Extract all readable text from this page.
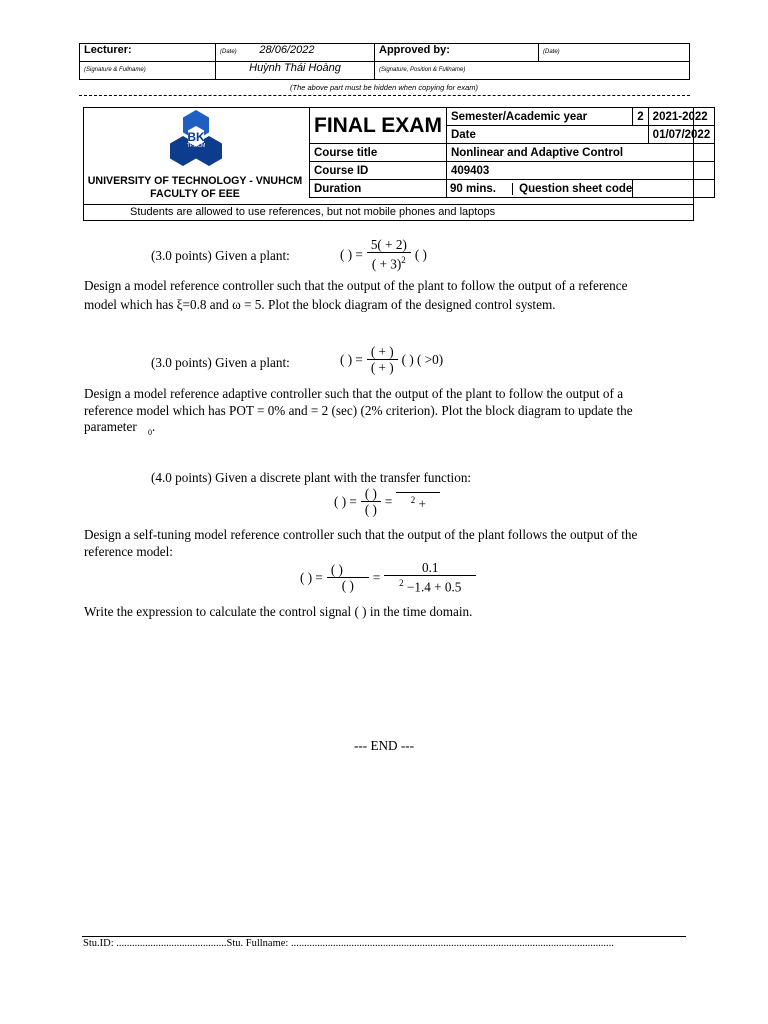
Lecturer:	(Date) 28/06/2022	Approved by:	(Date)
(Signature & Fullname)	Huỳnh Thái Hoàng	(Signature, Position & Fullname)	
(The above part must be hidden when copying for exam)
BK
TP.HCM
UNIVERSITY OF TECHNOLOGY - VNUHCM
FACULTY OF EEE
FINAL EXAM	Semester/Academic year	2	2021-2022
	Date		01/07/2022
Course title	Nonlinear and Adaptive Control		
Course ID	409403		
Duration	90 mins. Question sheet code		
Students are allowed to use references, but not mobile phones and laptops
(3.0 points) Given a plant:	( ) = $\frac{5( + 2)}{( + 3)^2}$ ( )
Design a model reference controller such that the output of the plant to follow the output of a reference
model which has ξ=0.8 and ω = 5. Plot the block diagram of the designed control system.
(3.0 points) Given a plant:	( ) = $\frac{( + )}{( + )}$ ( ) ( >0)
Design a model reference adaptive controller such that the output of the plant to follow the output of a
reference model which has POT = 0% and = 2 (sec) (2% criterion). Plot the block diagram to update the
parameter $_0$.
(4.0 points) Given a discrete plant with the transfer function:
( ) = $\frac{( )}{( )} = ^2$ +
Design a self-tuning model reference controller such that the output of the plant follows the output of the
reference model:
( ) = $\frac{( )}{( )} = \frac{0.1}{^2 -1.4 + 0.5}$
Write the expression to calculate the control signal ( ) in the time domain.
--- END ---
Stu.ID: ..........................................Stu. Fullname: ...........................................................................................................................
